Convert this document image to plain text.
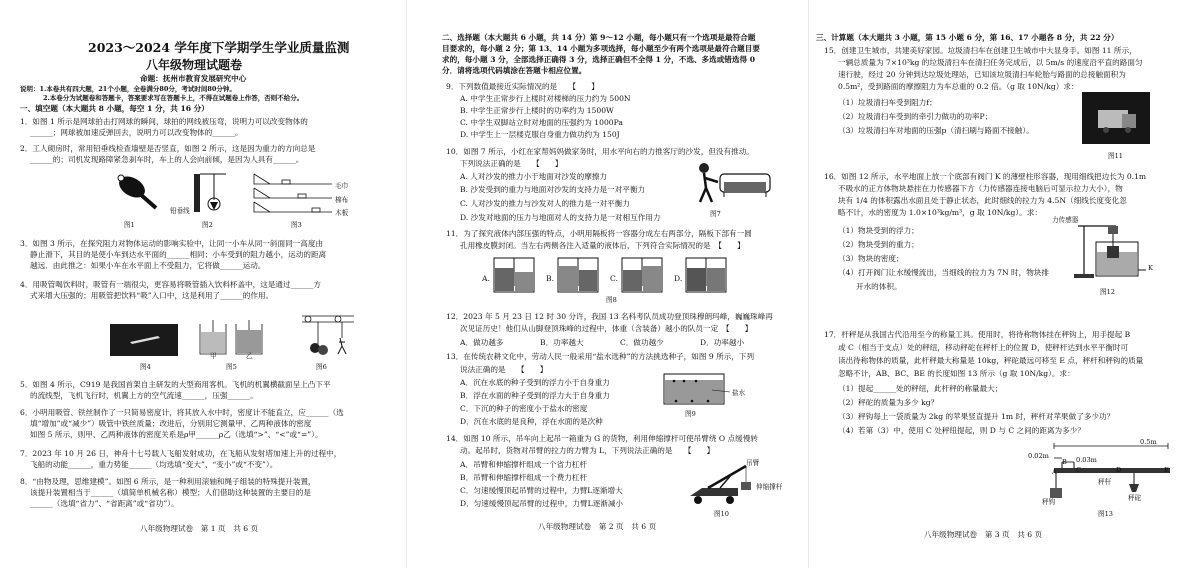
2023～2024 学年度下学期学生学业质量监测
八年级物理试题卷
命题：抚州市教育发展研究中心
说明：1.本卷共有四大题，21个小题，全卷满分80分，考试时间80分钟。
2.本卷分为试题卷和答题卡，答案要求写在答题卡上，不得在试题卷上作答，否则不给分。
一、填空题（本大题共 8 小题，每空 1 分，共 16 分）
1．如图 1 所示是网球拍击打网球的瞬间，球拍的网线被压弯，说明力可以改变物体的
______；网球被加速反弹回去，说明力可以改变物体的______。
2．工人砌房时，常用铅垂线检查墙壁是否竖直，如图 2 所示，这是因为重力的方向总是
______的；司机发现路障紧急刹车时，车上的人会向前倾，是因为人具有______。
铅垂线
毛巾
棉布
木板
图1	图2	图3
3．如图 3 所示，在探究阻力对物体运动的影响实验中，让同一小车从同一斜面同一高度由
静止滑下，其目的是使小车到达水平面的______相同；小车受到的阻力越小，运动的距离
越远．由此推之：如果小车在水平面上不受阻力，它将做______运动。
4．用吸管喝饮料时，吸管有一端很尖，更容易将吸管插入饮料杯盖中，这是通过______方
式来增大压强的；用吸管把饮料“吸”入口中，这是利用了______的作用。
甲	乙
图4	图5	图6
5．如图 4 所示，C919 是我国首架自主研发的大型商用客机。飞机的机翼横截面呈上凸下平
的流线型，飞机飞行时，机翼上方的空气流速______，压强______。
6．小明用吸管、铁丝制作了一只简易密度计，将其放入水中时，密度计不能直立，应______（选
填“增加”或“减少”）吸管中铁丝质量；改进后，分别用它测量甲、乙两种液体的密度
如图 5 所示，则甲、乙两种液体的密度关系是ρ甲______ρ乙（选填“>”、“<”或“=”）。
7．2023 年 10 月 26 日，神舟十七号载人飞船发射成功，在飞船从发射塔加速上升的过程中，
飞船的动能______，重力势能______（均选填“变大”、“变小”或“不变”）。
8．“由物及理，思维建模”。如图 6 所示，是一种利用滚轴和绳子组装的特殊提升装置，
该提升装置相当于______（填简单机械名称）模型；人们借助这种装置的主要目的是
______（选填“省力”、“省距离”或“省功”）。
八年级物理试卷　第 1 页　共 6 页
二、选择题（本大题共 6 小题，共 14 分）第 9～12 小题，每小题只有一个选项是最符合题
目要求的，每小题 2 分；第 13、14 小题为多项选择，每小题至少有两个选项是最符合题目要
求的，每小题 3 分，全部选择正确得 3 分，选择正确但不全得 1 分，不选、多选或错选得 0
分．请将选项代码填涂在答题卡相应位置。
9．下列数值最接近实际情况的是　　【　　】
A. 中学生正常步行上楼时对楼梯的压力约为 500N
B. 中学生正常步行上楼时的功率约为 1500W
C. 中学生双脚站立时对地面的压强约为 1000Pa
D. 中学生上一层楼克服自身重力做功约为 150J
10．如图 7 所示，小红在家帮妈妈做家务时，用水平向右的力推客厅的沙发，但没有推动。
下列说法正确的是　　【　　】
A. 人对沙发的推力小于地面对沙发的摩擦力
B. 沙发受到的重力与地面对沙发的支持力是一对平衡力
C. 人对沙发的推力与沙发对人的推力是一对平衡力
D. 沙发对地面的压力与地面对人的支持力是一对相互作用力	图7
11．为了探究液体内部压强的特点，小明用隔板将一容器分成左右两部分，隔板下部有一圆
孔用橡皮膜封闭。当左右两侧各注入适量的液体后，下列符合实际情况的是　【　　】
A.	B.	C.	D.
图8
12．2023 年 5 月 23 日 12 时 30 分许，我国 13 名科考队员成功登顶珠穆朗玛峰，巍巍珠峰再
次见证历史！他们从山脚登顶珠峰的过程中，体重（含装备）越小的队员一定　【　　】
A．做功越多	B．功率越大	C．做功越少	D．功率越小
13．在传统农耕文化中，劳动人民一般采用“盐水选种”的方法挑选种子，如图 9 所示，下列
说法正确的是　　【　　】
A．沉在水底的种子受到的浮力小于自身重力
B．浮在水面的种子受到的浮力大于自身重力
C．下沉的种子的密度小于盐水的密度
D．沉在水底的是良种，浮在水面的是次种
盐水
图9
14．如图 10 所示，吊车向上起吊一箱重为 G 的货物，利用伸缩撑杆可使吊臂绕 O 点缓慢转
动。起吊时，货物对吊臂的拉力的力臂为 L，下列说法正确的是　　【　　】
A．吊臂和伸缩撑杆组成一个省力杠杆
B．吊臂和伸缩撑杆组成一个费力杠杆
C．匀速缓慢顶起吊臂的过程中，力臂L逐渐增大
D．匀速缓慢顶起吊臂的过程中，力臂L逐渐减小
吊臂
伸缩撑杆
图10
八年级物理试卷　第 2 页　共 6 页
三、计算题（本大题共 3 小题，第 15 小题 6 分，第 16、17 小题各 8 分，共 22 分）
15．创建卫生城市，共建美好家园。垃圾清扫车在创建卫生城市中大显身手。如图 11 所示，
一辆总质量为 7×10³kg 的垃圾清扫车在清扫任务完成后，以 5m/s 的速度沿平直的路面匀
速行驶，经过 20 分钟到达垃圾处理站，已知该垃圾清扫车轮胎与路面的总接触面积为
0.5m²，受到路面的摩擦阻力为车总重的 0.2 倍。（g 取 10N/kg）求：
（1）垃圾清扫车受到阻力f；
（2）垃圾清扫车受到的牵引力做功的功率P；
（3）垃圾清扫车对地面的压强p（清扫刷与路面不接触）。
图11
16．如图 12 所示，水平地面上放一个底部有阀门 K 的薄壁柱形容器，现用细线把边长为 0.1m
不吸水的正方体物块悬挂在力传感器下方（力传感器连接电脑后可显示拉力大小），物
块有 1/4 的体积露出水面且处于静止状态，此时细线的拉力为 4.5N（细线长度变化忽
略不计，水的密度为 1.0×10³kg/m³，g 取 10N/kg）。求：
（1）物块受到的浮力；
（2）物块受到的重力；
（3）物块的密度；
（4）打开阀门让水缓慢流出，当细线的拉力为 7N 时，物块排
开水的体积。
力传感器
K
图12
17．杆秤是从我国古代沿用至今的称量工具。使用时，将待称物体挂在秤钩上，用手提起 B
或 C（相当于支点）处的秤纽，移动秤砣在秤杆上的位置 D，使秤杆达到水平平衡时可
读出待称物体的质量，此杆秤最大称量是 10kg，秤砣最远可移至 E 点，秤杆和秤钩的质量
忽略不计，AB、BC、BE 的长度如图 13 所示（g 取 10N/kg）。求：
（1）提起______处的秤纽，此杆秤的称量最大；
（2）秤砣的质量为多少 kg？
（3）秤钩每上一袋质量为 2kg 的苹果竖直提升 1m 时，秤杆对苹果做了多少功？
（4）若第（3）中，使用 C 处秤纽提起，则 D 与 C 之间的距离为多少？
0.5m
0.02m	0.03m
A
B
C	D	E
秤钩
秤杆
秤砣
图13
八年级物理试卷　第 3 页　共 6 页
